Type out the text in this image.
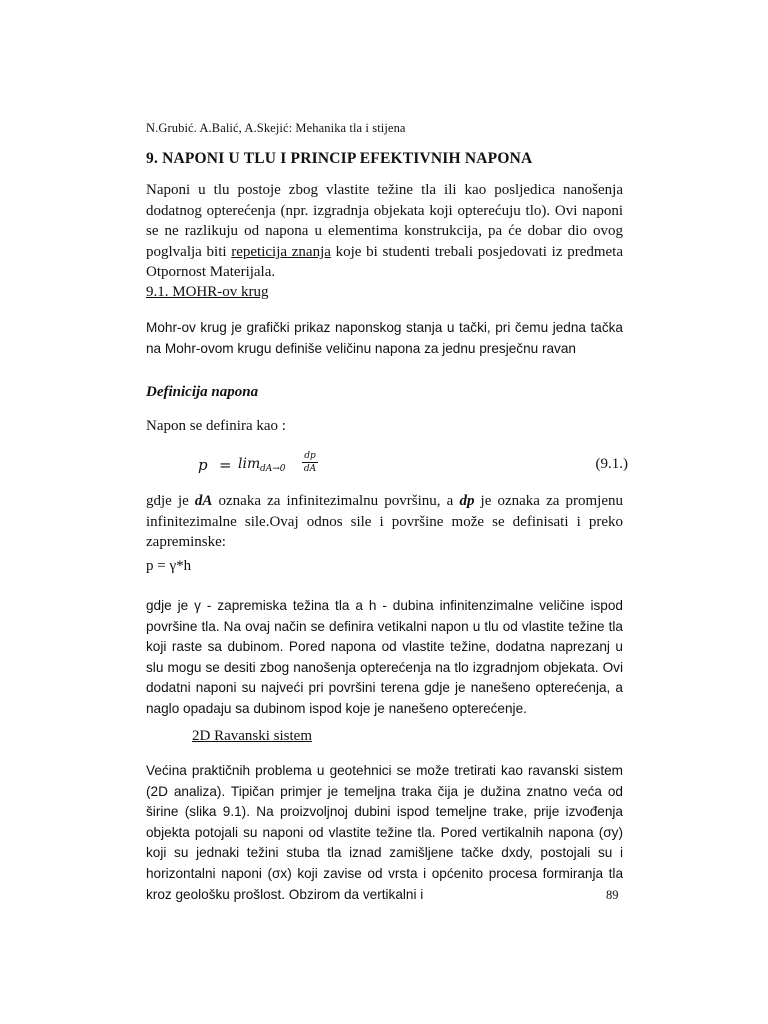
N.Grubić. A.Balić, A.Skejić: Mehanika tla i stijena
9. NAPONI U TLU I PRINCIP EFEKTIVNIH NAPONA
Naponi u tlu postoje zbog vlastite težine tla ili kao posljedica nanošenja dodatnog opterećenja (npr. izgradnja objekata koji opterećuju tlo). Ovi naponi se ne razlikuju od napona u elementima konstrukcija, pa će dobar dio ovog poglvalja biti repeticija znanja koje bi studenti trebali posjedovati iz predmeta Otpornost Materijala.
9.1. MOHR-ov krug
Mohr-ov krug je grafički prikaz naponskog stanja u tački, pri čemu jedna tačka na Mohr-ovom krugu definiše veličinu napona za jednu presječnu ravan
Definicija napona
Napon se definira kao :
$p = \lim dA\to 0 \frac{dp}{dA}$	(9.1.)
gdje je dA oznaka za infinitezimalnu površinu, a dp je oznaka za promjenu infinitezimalne sile.Ovaj odnos sile i površine može se definisati i preko zapreminske:
p = γ*h
gdje je γ - zapremiska težina tla a h - dubina infinitenzimalne veličine ispod površine tla. Na ovaj način se definira vetikalni napon u tlu od vlastite težine tla koji raste sa dubinom. Pored napona od vlastite težine, dodatna naprezanj u slu mogu se desiti zbog nanošenja opterećenja na tlo izgradnjom objekata. Ovi dodatni naponi su najveći pri površini terena gdje je nanešeno opterećenja, a naglo opadaju sa dubinom ispod koje je nanešeno opterećenje.
2D Ravanski sistem
Većina praktičnih problema u geotehnici se može tretirati kao ravanski sistem (2D analiza). Tipičan primjer je temeljna traka čija je dužina znatno veća od širine (slika 9.1). Na proizvoljnoj dubini ispod temeljne trake, prije izvođenja objekta potojali su naponi od vlastite težine tla. Pored vertikalnih napona (σy) koji su jednaki težini stuba tla iznad zamišljene tačke dxdy, postojali su i horizontalni naponi (σx) koji zavise od vrsta i općenito procesa formiranja tla kroz geološku prošlost. Obzirom da vertikalni i	89
